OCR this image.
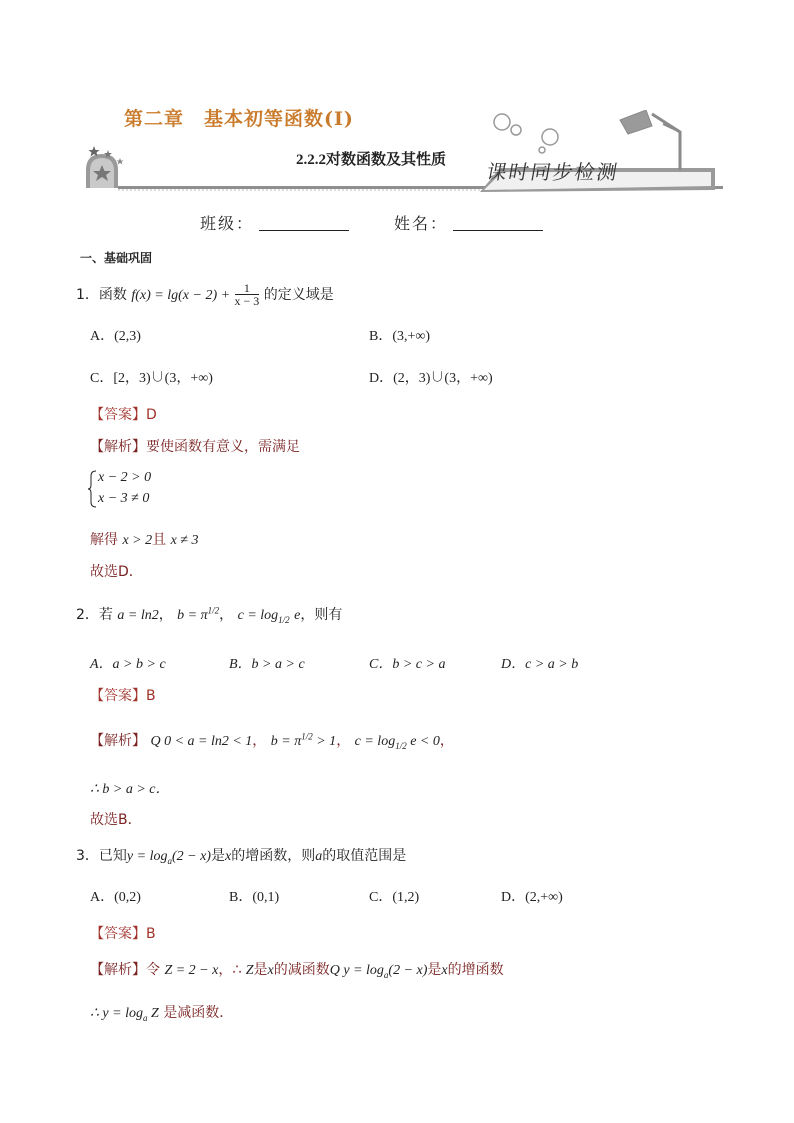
第二章　基本初等函数(Ⅰ)
2.2.2对数函数及其性质 课时同步检测
班级：	姓名：
一、基础巩固
1．函数 $f(x) = \lg(x - 2) + \frac{1}{x - 3}$ 的定义域是
A．(2,3)	B．(3,+∞)
C．[2，3)∪(3，+∞)	D．(2，3)∪(3，+∞)
【答案】D
【解析】要使函数有意义，需满足
x − 2 > 0
x − 3 ≠ 0
解得 x > 2且 x ≠ 3
故选D．
2．若 a = ln2， $b = \pi^{1/2}$， $c = \log_{1/2} e$，则有
A．a > b > c	B．b > a > c	C．b > c > a	D．c > a > b
【答案】B
【解析】 Q 0 < a = ln2 < 1， $b = \pi^{1/2} > 1$， $c = \log_{1/2} e < 0$，
∴ b > a > c．
故选B．
3．已知$y = \log_a(2 - x)$是x的增函数，则a的取值范围是
A．(0,2)	B．(0,1)	C．(1,2)	D．(2,+∞)
【答案】B
【解析】令 Z = 2 − x，∴ Z是x的减函数Q $y = \log_a(2 - x)$是x的增函数
∴ $y = \log_a Z$ 是减函数．
